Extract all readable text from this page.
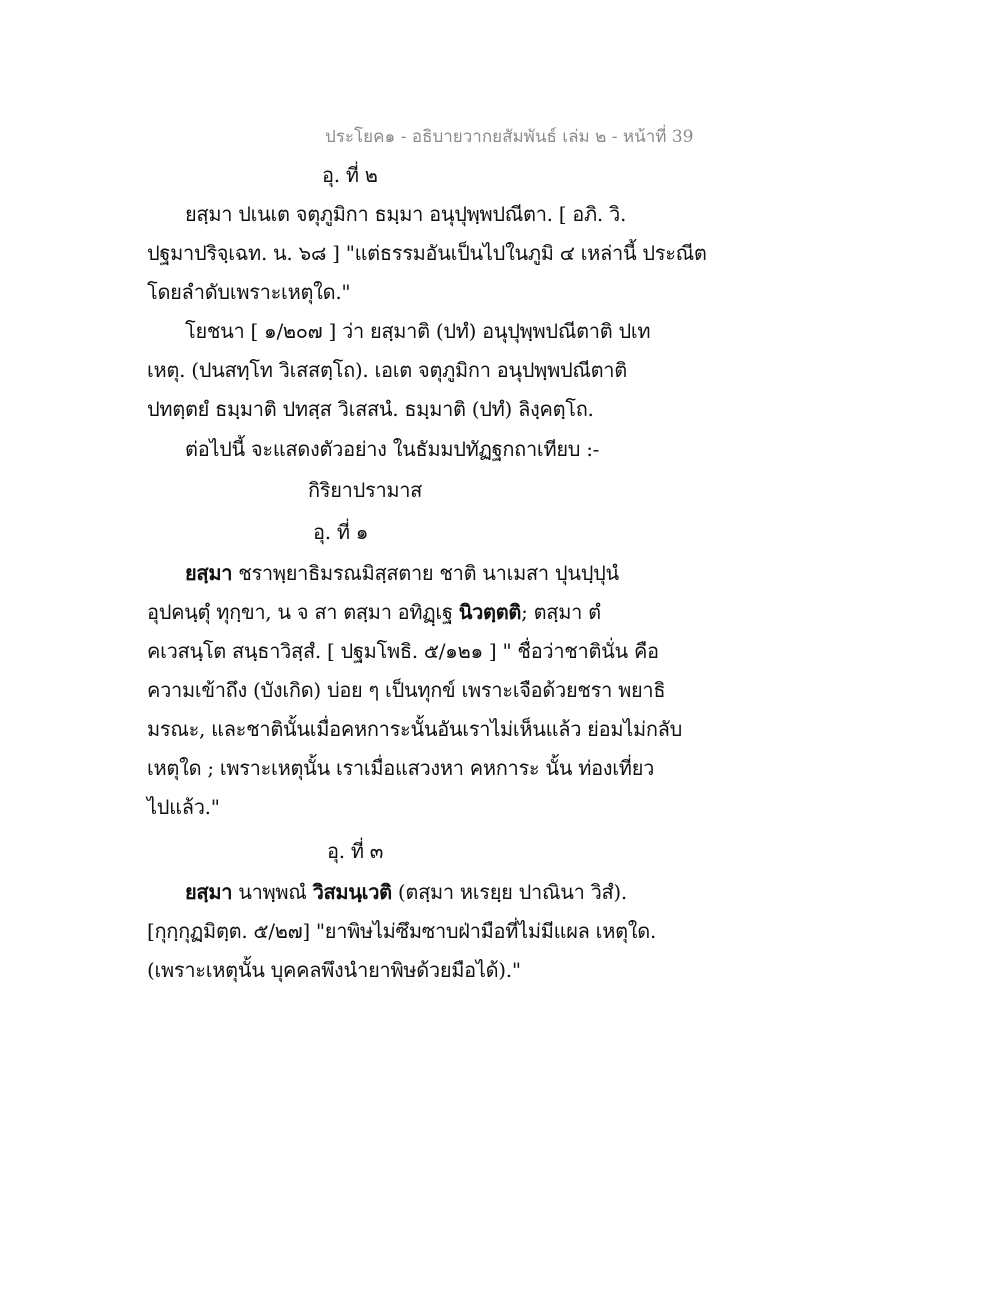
ประโยค๑ - อธิบายวากยสัมพันธ์ เล่ม ๒ - หน้าที่ 39
อุ. ที่ ๒
ยสฺมา ปเนเต จตุภูมิกา ธมฺมา อนุปุพฺพปณีตา. [ อภิ. วิ.
ปฐมาปริจฺเฉท. น. ๖๘ ] "แต่ธรรมอันเป็นไปในภูมิ ๔ เหล่านี้ ประณีต
โดยลำดับเพราะเหตุใด."
โยชนา [ ๑/๒๐๗ ] ว่า ยสฺมาติ (ปทํ) อนุปุพฺพปณีตาติ ปเท
เหตุ. (ปนสทฺโท วิเสสตฺโถ). เอเต จตุภูมิกา อนุปพฺพปณีตาติ
ปทตฺตยํ ธมฺมาติ ปทสฺส วิเสสนํ. ธมฺมาติ (ปทํ) ลิงฺคตฺโถ.
ต่อไปนี้ จะแสดงตัวอย่าง ในธัมมปทัฏฐกถาเทียบ :-
กิริยาปรามาส
อุ. ที่ ๑
ยสฺมา ชราพฺยาธิมรณมิสฺสตาย ชาติ นาเมสา ปุนปฺปุนํ
อุปคนฺตุํ ทุกฺขา, น จ สา ตสฺมา อทิฏฺเฐ นิวตฺตติ; ตสฺมา ตํ
คเวสนฺโต สนฺธาวิสฺสํ. [ ปฐมโพธิ. ๕/๑๒๑ ] " ชื่อว่าชาตินั่น คือ
ความเข้าถึง (บังเกิด) บ่อย ๆ เป็นทุกข์ เพราะเจือด้วยชรา พยาธิ
มรณะ, และชาตินั้นเมื่อคหการะนั้นอันเราไม่เห็นแล้ว ย่อมไม่กลับ
เหตุใด ; เพราะเหตุนั้น เราเมื่อแสวงหา คหการะ นั้น ท่องเที่ยว
ไปแล้ว."
อุ. ที่ ๓
ยสฺมา นาพฺพณํ วิสมนฺเวติ (ตสฺมา หเรยฺย ปาณินา วิสํ).
[กุกฺกุฏมิตฺต. ๕/๒๗] "ยาพิษไม่ซึมซาบฝ่ามือที่ไม่มีแผล เหตุใด.
(เพราะเหตุนั้น บุคคลพึงนำยาพิษด้วยมือได้)."
